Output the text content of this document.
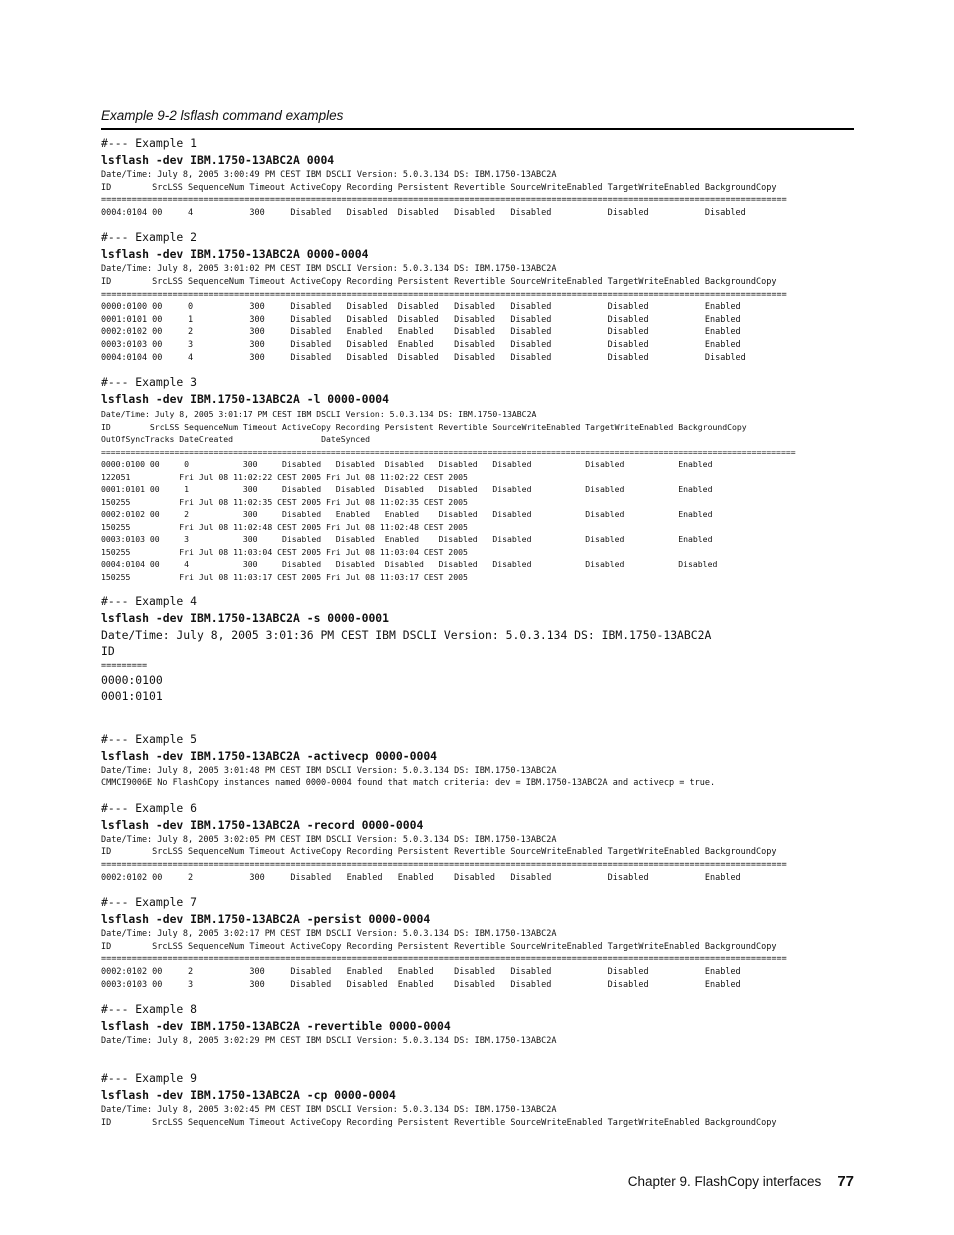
Example 9-2 lsflash command examples
#--- Example 1
lsflash -dev IBM.1750-13ABC2A 0004
Date/Time: July 8, 2005 3:00:49 PM CEST IBM DSCLI Version: 5.0.3.134 DS: IBM.1750-13ABC2A
ID        SrcLSS SequenceNum Timeout ActiveCopy Recording Persistent Revertible SourceWriteEnabled TargetWriteEnabled BackgroundCopy
======================================================================================================================================
0004:0104 00     4           300     Disabled   Disabled  Disabled   Disabled   Disabled           Disabled           Disabled
#--- Example 2
lsflash -dev IBM.1750-13ABC2A 0000-0004
Date/Time: July 8, 2005 3:01:02 PM CEST IBM DSCLI Version: 5.0.3.134 DS: IBM.1750-13ABC2A
ID        SrcLSS SequenceNum Timeout ActiveCopy Recording Persistent Revertible SourceWriteEnabled TargetWriteEnabled BackgroundCopy
======================================================================================================================================
0000:0100 00     0           300     Disabled   Disabled  Disabled   Disabled   Disabled           Disabled           Enabled
0001:0101 00     1           300     Disabled   Disabled  Disabled   Disabled   Disabled           Disabled           Enabled
0002:0102 00     2           300     Disabled   Enabled   Enabled    Disabled   Disabled           Disabled           Enabled
0003:0103 00     3           300     Disabled   Disabled  Enabled    Disabled   Disabled           Disabled           Enabled
0004:0104 00     4           300     Disabled   Disabled  Disabled   Disabled   Disabled           Disabled           Disabled
#--- Example 3
lsflash -dev IBM.1750-13ABC2A -l 0000-0004
Date/Time: July 8, 2005 3:01:17 PM CEST IBM DSCLI Version: 5.0.3.134 DS: IBM.1750-13ABC2A
ID        SrcLSS SequenceNum Timeout ActiveCopy Recording Persistent Revertible SourceWriteEnabled TargetWriteEnabled BackgroundCopy
OutOfSyncTracks DateCreated                  DateSynced
==============================================================================================================================================
0000:0100 00     0           300     Disabled   Disabled  Disabled   Disabled   Disabled           Disabled           Enabled
122051          Fri Jul 08 11:02:22 CEST 2005 Fri Jul 08 11:02:22 CEST 2005
0001:0101 00     1           300     Disabled   Disabled  Disabled   Disabled   Disabled           Disabled           Enabled
150255          Fri Jul 08 11:02:35 CEST 2005 Fri Jul 08 11:02:35 CEST 2005
0002:0102 00     2           300     Disabled   Enabled   Enabled    Disabled   Disabled           Disabled           Enabled
150255          Fri Jul 08 11:02:48 CEST 2005 Fri Jul 08 11:02:48 CEST 2005
0003:0103 00     3           300     Disabled   Disabled  Enabled    Disabled   Disabled           Disabled           Enabled
150255          Fri Jul 08 11:03:04 CEST 2005 Fri Jul 08 11:03:04 CEST 2005
0004:0104 00     4           300     Disabled   Disabled  Disabled   Disabled   Disabled           Disabled           Disabled
150255          Fri Jul 08 11:03:17 CEST 2005 Fri Jul 08 11:03:17 CEST 2005
#--- Example 4
lsflash -dev IBM.1750-13ABC2A -s 0000-0001
Date/Time: July 8, 2005 3:01:36 PM CEST IBM DSCLI Version: 5.0.3.134 DS: IBM.1750-13ABC2A
ID
=========
0000:0100
0001:0101
#--- Example 5
lsflash -dev IBM.1750-13ABC2A -activecp 0000-0004
Date/Time: July 8, 2005 3:01:48 PM CEST IBM DSCLI Version: 5.0.3.134 DS: IBM.1750-13ABC2A
CMMCI9006E No FlashCopy instances named 0000-0004 found that match criteria: dev = IBM.1750-13ABC2A and activecp = true.
#--- Example 6
lsflash -dev IBM.1750-13ABC2A -record 0000-0004
Date/Time: July 8, 2005 3:02:05 PM CEST IBM DSCLI Version: 5.0.3.134 DS: IBM.1750-13ABC2A
ID        SrcLSS SequenceNum Timeout ActiveCopy Recording Persistent Revertible SourceWriteEnabled TargetWriteEnabled BackgroundCopy
======================================================================================================================================
0002:0102 00     2           300     Disabled   Enabled   Enabled    Disabled   Disabled           Disabled           Enabled
#--- Example 7
lsflash -dev IBM.1750-13ABC2A -persist 0000-0004
Date/Time: July 8, 2005 3:02:17 PM CEST IBM DSCLI Version: 5.0.3.134 DS: IBM.1750-13ABC2A
ID        SrcLSS SequenceNum Timeout ActiveCopy Recording Persistent Revertible SourceWriteEnabled TargetWriteEnabled BackgroundCopy
======================================================================================================================================
0002:0102 00     2           300     Disabled   Enabled   Enabled    Disabled   Disabled           Disabled           Enabled
0003:0103 00     3           300     Disabled   Disabled  Enabled    Disabled   Disabled           Disabled           Enabled
#--- Example 8
lsflash -dev IBM.1750-13ABC2A -revertible 0000-0004
Date/Time: July 8, 2005 3:02:29 PM CEST IBM DSCLI Version: 5.0.3.134 DS: IBM.1750-13ABC2A
#--- Example 9
lsflash -dev IBM.1750-13ABC2A -cp 0000-0004
Date/Time: July 8, 2005 3:02:45 PM CEST IBM DSCLI Version: 5.0.3.134 DS: IBM.1750-13ABC2A
ID        SrcLSS SequenceNum Timeout ActiveCopy Recording Persistent Revertible SourceWriteEnabled TargetWriteEnabled BackgroundCopy
Chapter 9. FlashCopy interfaces 77
